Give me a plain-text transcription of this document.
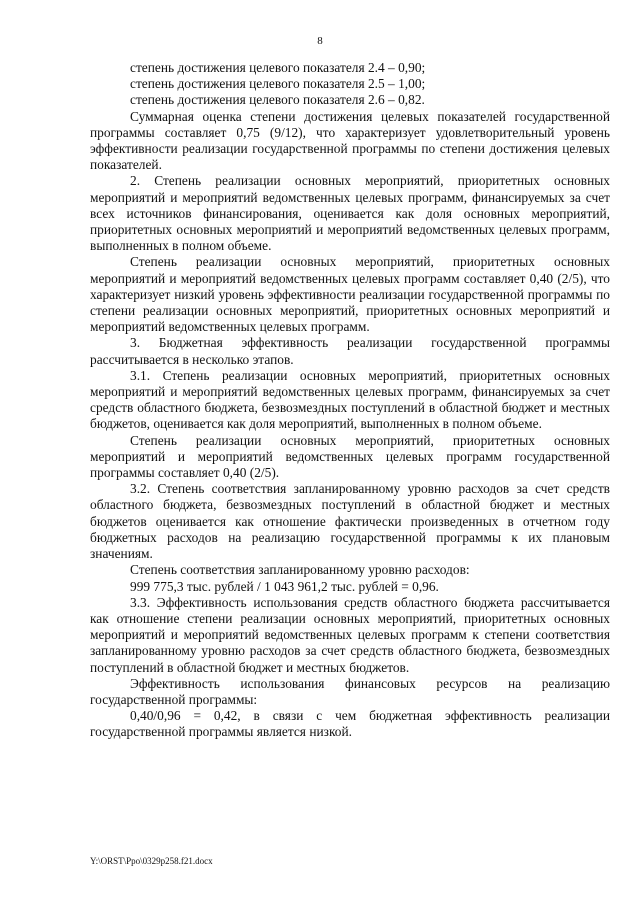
8

степень достижения целевого показателя 2.4 – 0,90;

степень достижения целевого показателя 2.5 – 1,00;

степень достижения целевого показателя 2.6 – 0,82.

Суммарная оценка степени достижения целевых показателей государственной программы составляет 0,75 (9/12), что характеризует удовлетворительный уровень эффективности реализации государственной программы по степени достижения целевых показателей.

2. Степень реализации основных мероприятий, приоритетных основных мероприятий и мероприятий ведомственных целевых программ, финансируемых за счет всех источников финансирования, оценивается как доля основных мероприятий, приоритетных основных мероприятий и мероприятий ведомственных целевых программ, выполненных в полном объеме.

Степень реализации основных мероприятий, приоритетных основных мероприятий и мероприятий ведомственных целевых программ составляет 0,40 (2/5), что характеризует низкий уровень эффективности реализации государственной программы по степени реализации основных мероприятий, приоритетных основных мероприятий и мероприятий ведомственных целевых программ.

3. Бюджетная эффективность реализации государственной программы рассчитывается в несколько этапов.

3.1. Степень реализации основных мероприятий, приоритетных основных мероприятий и мероприятий ведомственных целевых программ, финансируемых за счет средств областного бюджета, безвозмездных поступлений в областной бюджет и местных бюджетов, оценивается как доля мероприятий, выполненных в полном объеме.

Степень реализации основных мероприятий, приоритетных основных мероприятий и мероприятий ведомственных целевых программ государственной программы составляет 0,40 (2/5).

3.2. Степень соответствия запланированному уровню расходов за счет средств областного бюджета, безвозмездных поступлений в областной бюджет и местных бюджетов оценивается как отношение фактически произведенных в отчетном году бюджетных расходов на реализацию государственной программы к их плановым значениям.

Степень соответствия запланированному уровню расходов:

999 775,3 тыс. рублей / 1 043 961,2 тыс. рублей = 0,96.

3.3. Эффективность использования средств областного бюджета рассчитывается как отношение степени реализации основных мероприятий, приоритетных основных мероприятий и мероприятий ведомственных целевых программ к степени соответствия запланированному уровню расходов за счет средств областного бюджета, безвозмездных поступлений в областной бюджет и местных бюджетов.

Эффективность использования финансовых ресурсов на реализацию государственной программы:

0,40/0,96 = 0,42, в связи с чем бюджетная эффективность реализации государственной программы является низкой.

Y:\ORST\Ppo\0329p258.f21.docx
